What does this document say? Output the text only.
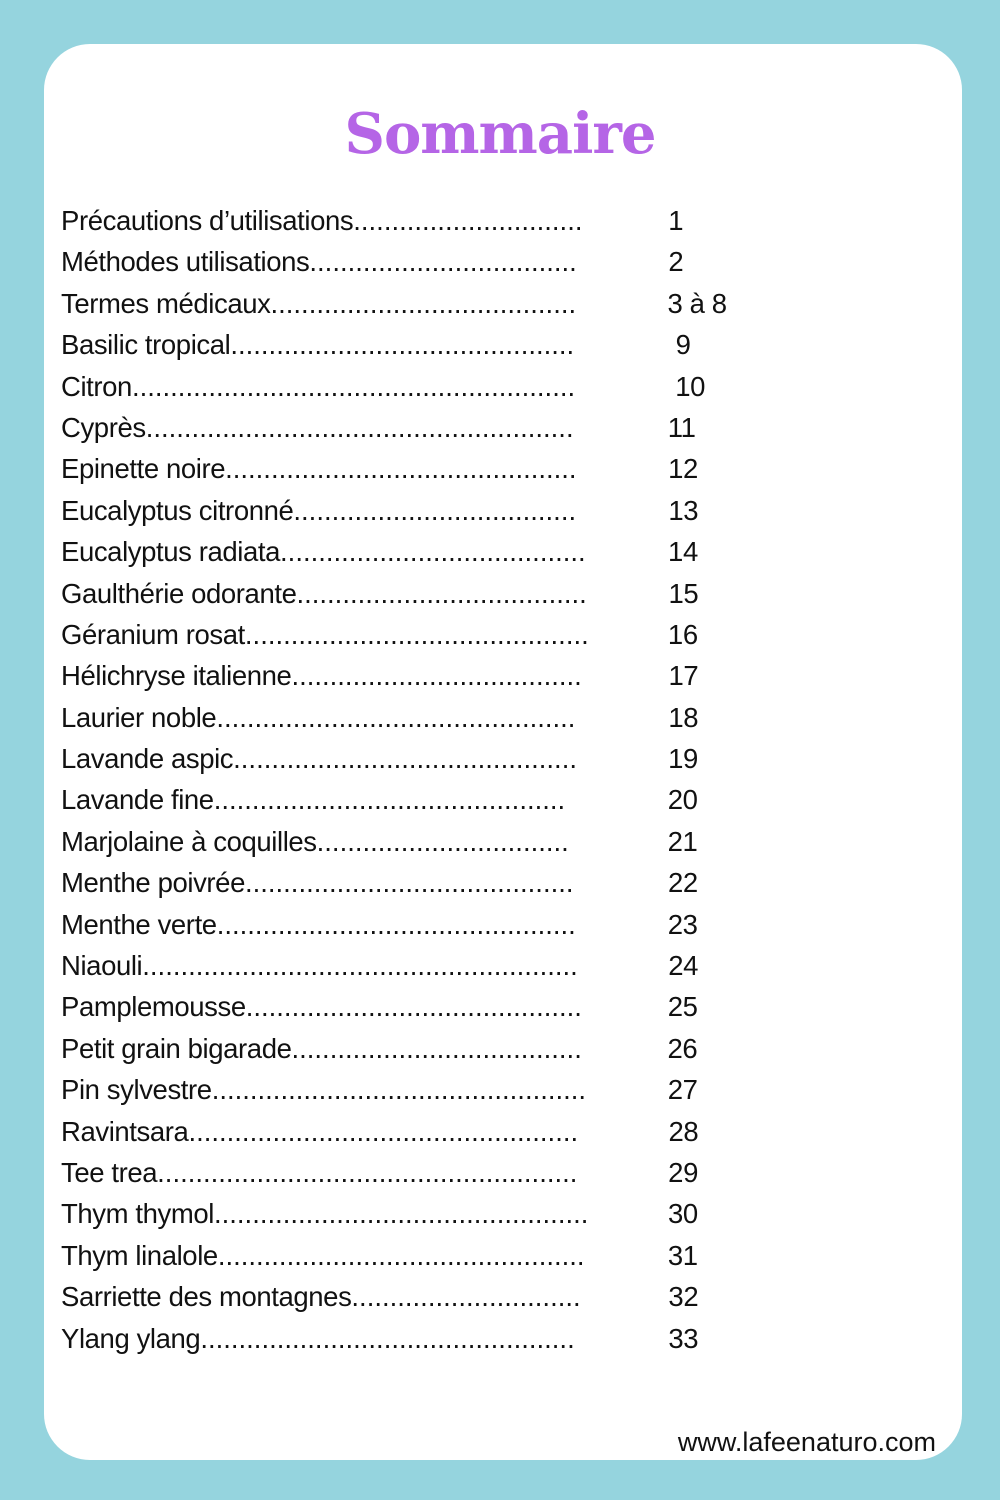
Sommaire
Précautions d’utilisations ..............................	1
Méthodes utilisations ...................................	2
Termes médicaux ........................................	3 à 8
Basilic tropical .............................................	9
Citron ..........................................................	10
Cyprès ........................................................	11
Epinette noire ..............................................	12
Eucalyptus citronné .....................................	13
Eucalyptus radiata ........................................	14
Gaulthérie odorante ......................................	15
Géranium rosat .............................................	16
Hélichryse italienne ......................................	17
Laurier noble ...............................................	18
Lavande aspic .............................................	19
Lavande fine ..............................................	20
Marjolaine à coquilles .................................	21
Menthe poivrée ...........................................	22
Menthe verte ...............................................	23
Niaouli .........................................................	24
Pamplemousse ............................................	25
Petit grain bigarade ......................................	26
Pin sylvestre .................................................	27
Ravintsara ...................................................	28
Tee trea .......................................................	29
Thym thymol .................................................	30
Thym linalole ................................................	31
Sarriette des montagnes ..............................	32
Ylang ylang .................................................	33
www.lafeenaturo.com
